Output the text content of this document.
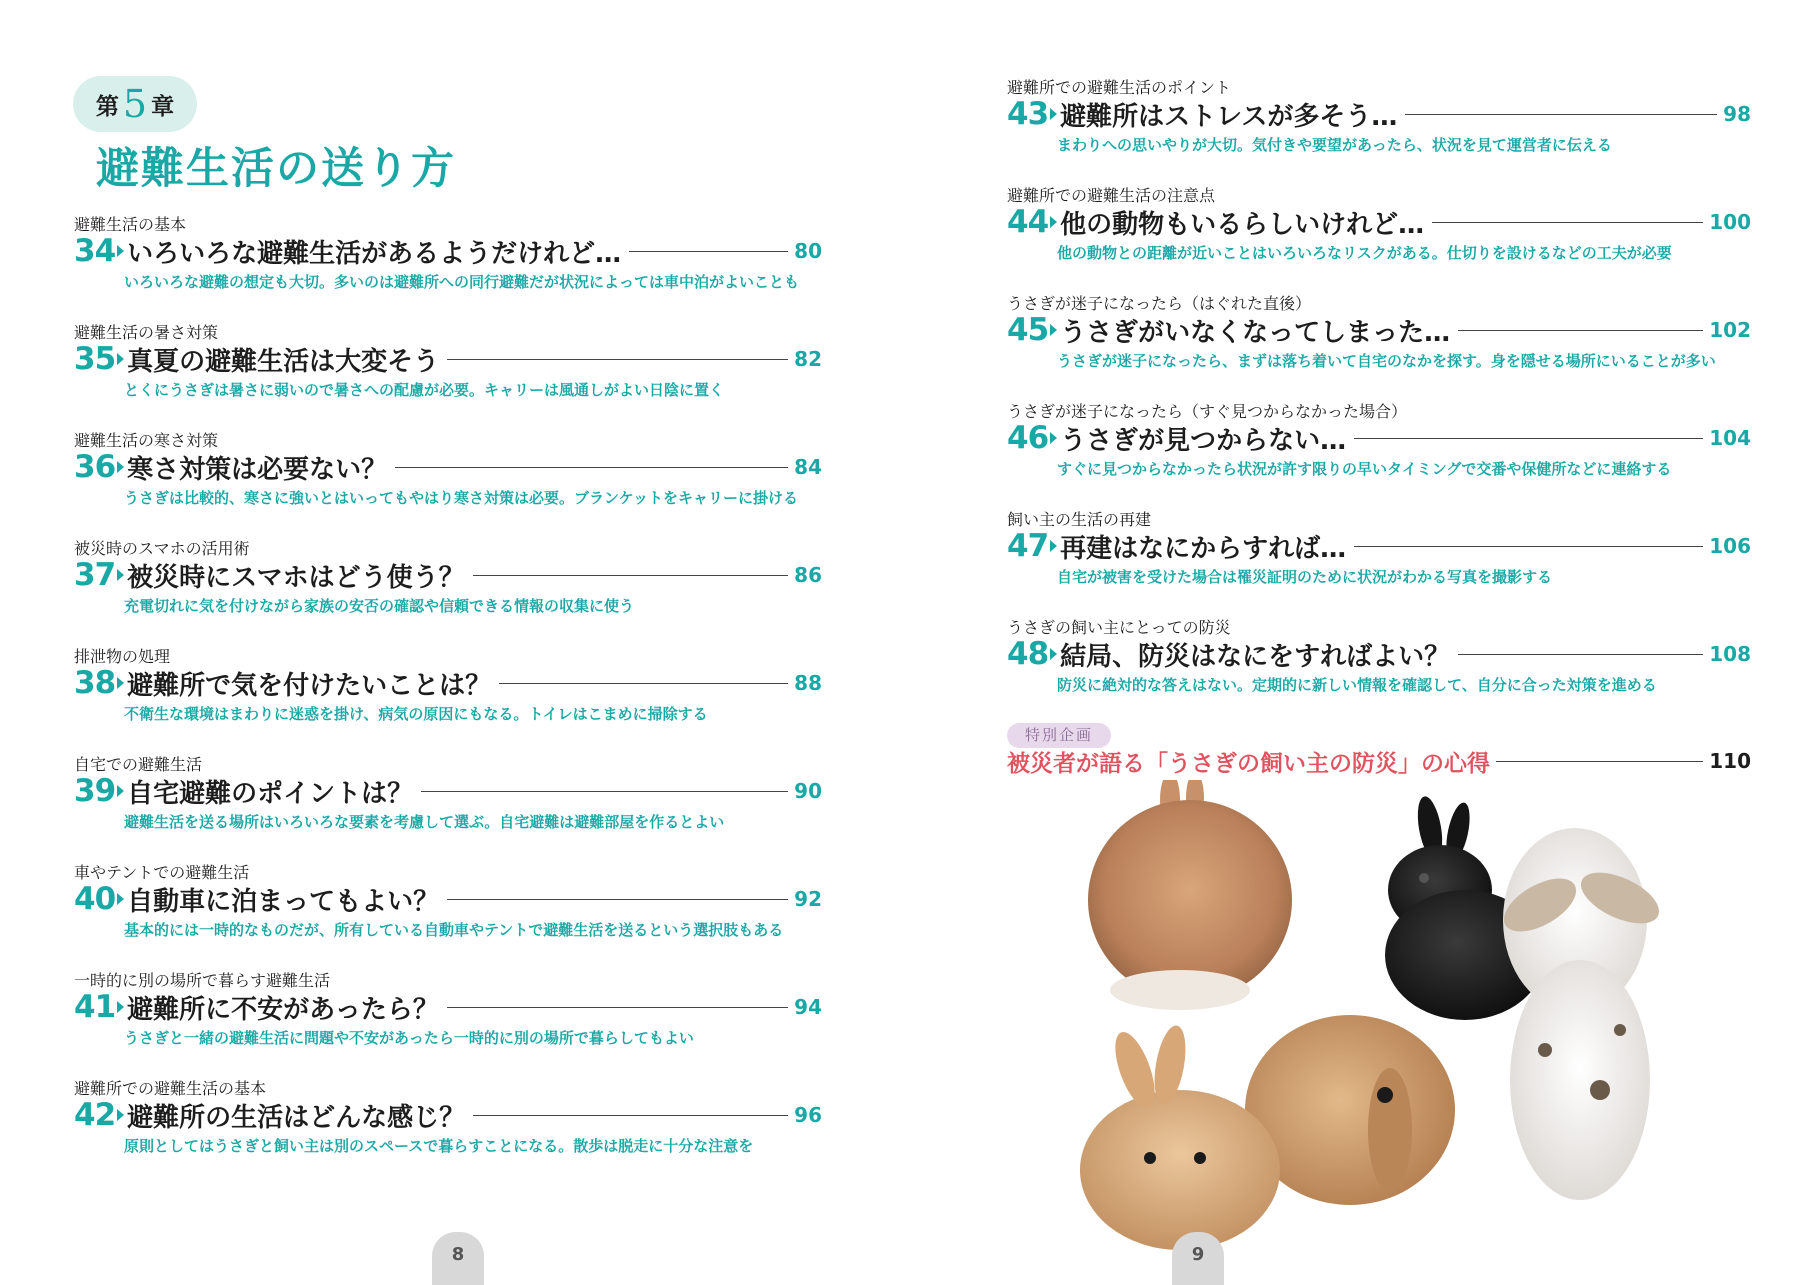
第 5 章
避難生活の送り方
避難生活の基本
34 いろいろな避難生活があるようだけれど…	80
いろいろな避難の想定も大切。多いのは避難所への同行避難だが状況によっては車中泊がよいことも
避難生活の暑さ対策
35 真夏の避難生活は大変そう	82
とくにうさぎは暑さに弱いので暑さへの配慮が必要。キャリーは風通しがよい日陰に置く
避難生活の寒さ対策
36 寒さ対策は必要ない？	84
うさぎは比較的、寒さに強いとはいってもやはり寒さ対策は必要。ブランケットをキャリーに掛ける
被災時のスマホの活用術
37 被災時にスマホはどう使う？	86
充電切れに気を付けながら家族の安否の確認や信頼できる情報の収集に使う
排泄物の処理
38 避難所で気を付けたいことは？	88
不衛生な環境はまわりに迷惑を掛け、病気の原因にもなる。トイレはこまめに掃除する
自宅での避難生活
39 自宅避難のポイントは？	90
避難生活を送る場所はいろいろな要素を考慮して選ぶ。自宅避難は避難部屋を作るとよい
車やテントでの避難生活
40 自動車に泊まってもよい？	92
基本的には一時的なものだが、所有している自動車やテントで避難生活を送るという選択肢もある
一時的に別の場所で暮らす避難生活
41 避難所に不安があったら？	94
うさぎと一緒の避難生活に問題や不安があったら一時的に別の場所で暮らしてもよい
避難所での避難生活の基本
42 避難所の生活はどんな感じ？	96
原則としてはうさぎと飼い主は別のスペースで暮らすことになる。散歩は脱走に十分な注意を
8
避難所での避難生活のポイント
43 避難所はストレスが多そう…	98
まわりへの思いやりが大切。気付きや要望があったら、状況を見て運営者に伝える
避難所での避難生活の注意点
44 他の動物もいるらしいけれど…	100
他の動物との距離が近いことはいろいろなリスクがある。仕切りを設けるなどの工夫が必要
うさぎが迷子になったら（はぐれた直後）
45 うさぎがいなくなってしまった…	102
うさぎが迷子になったら、まずは落ち着いて自宅のなかを探す。身を隠せる場所にいることが多い
うさぎが迷子になったら（すぐ見つからなかった場合）
46 うさぎが見つからない…	104
すぐに見つからなかったら状況が許す限りの早いタイミングで交番や保健所などに連絡する
飼い主の生活の再建
47 再建はなにからすれば…	106
自宅が被害を受けた場合は罹災証明のために状況がわかる写真を撮影する
うさぎの飼い主にとっての防災
48 結局、防災はなにをすればよい？	108
防災に絶対的な答えはない。定期的に新しい情報を確認して、自分に合った対策を進める
特別企画
被災者が語る「うさぎの飼い主の防災」の心得	110
9
